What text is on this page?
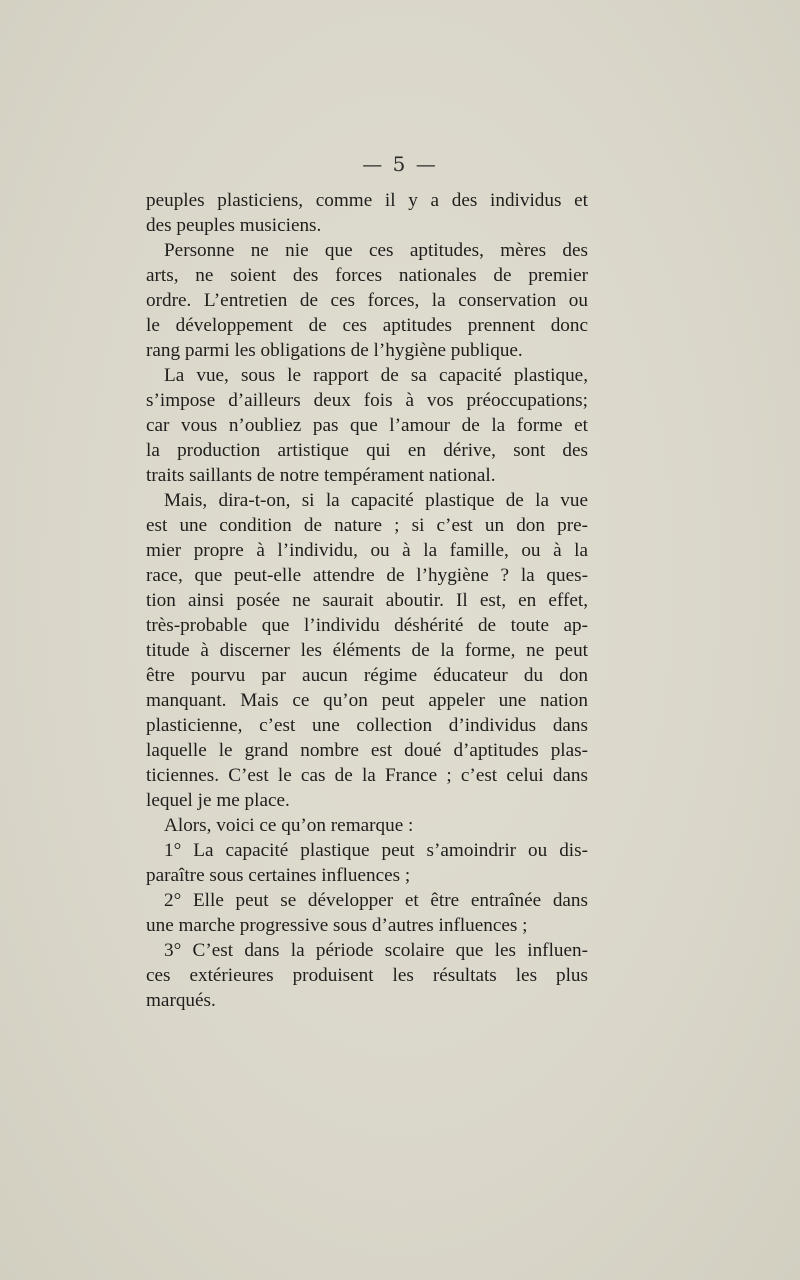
— 5 —
peuples plasticiens, comme il y a des individus et
des peuples musiciens.
Personne ne nie que ces aptitudes, mères des
arts, ne soient des forces nationales de premier
ordre. L’entretien de ces forces, la conservation ou
le développement de ces aptitudes prennent donc
rang parmi les obligations de l’hygiène publique.
La vue, sous le rapport de sa capacité plastique,
s’impose d’ailleurs deux fois à vos préoccupations;
car vous n’oubliez pas que l’amour de la forme et
la production artistique qui en dérive, sont des
traits saillants de notre tempérament national.
Mais, dira-t-on, si la capacité plastique de la vue
est une condition de nature ; si c’est un don pre-
mier propre à l’individu, ou à la famille, ou à la
race, que peut-elle attendre de l’hygiène ? la ques-
tion ainsi posée ne saurait aboutir. Il est, en effet,
très-probable que l’individu déshérité de toute ap-
titude à discerner les éléments de la forme, ne peut
être pourvu par aucun régime éducateur du don
manquant. Mais ce qu’on peut appeler une nation
plasticienne, c’est une collection d’individus dans
laquelle le grand nombre est doué d’aptitudes plas-
ticiennes. C’est le cas de la France ; c’est celui dans
lequel je me place.
Alors, voici ce qu’on remarque :
1° La capacité plastique peut s’amoindrir ou dis-
paraître sous certaines influences ;
2° Elle peut se développer et être entraînée dans
une marche progressive sous d’autres influences ;
3° C’est dans la période scolaire que les influen-
ces extérieures produisent les résultats les plus
marqués.
